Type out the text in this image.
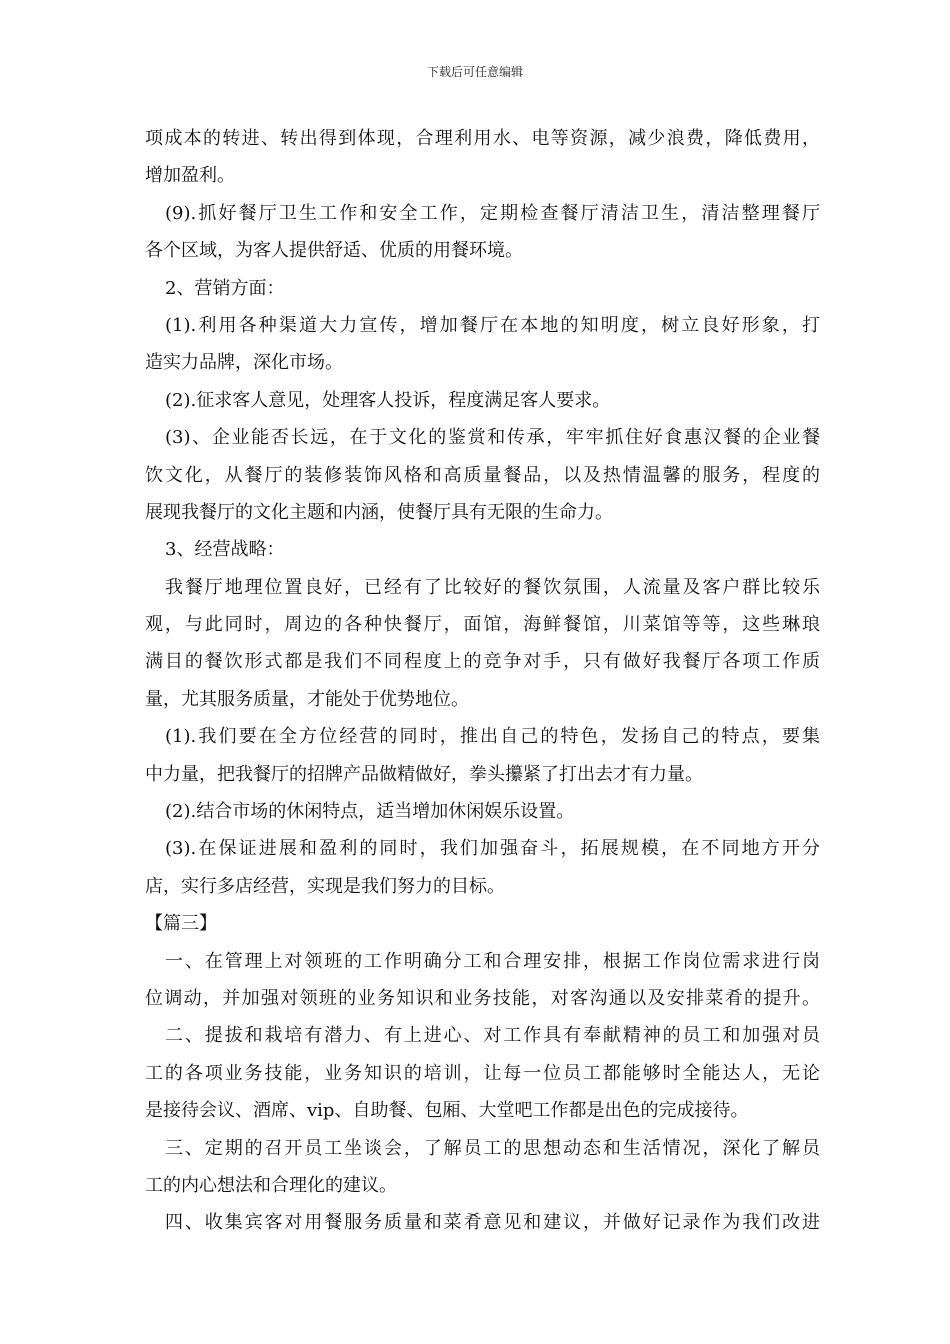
下载后可任意编辑
项成本的转进、转出得到体现，合理利用水、电等资源，减少浪费，降低费用，
增加盈利。
(9).抓好餐厅卫生工作和安全工作，定期检查餐厅清洁卫生，清洁整理餐厅
各个区域，为客人提供舒适、优质的用餐环境。
2、营销方面：
(1).利用各种渠道大力宣传，增加餐厅在本地的知明度，树立良好形象，打
造实力品牌，深化市场。
(2).征求客人意见，处理客人投诉，程度满足客人要求。
(3)、企业能否长远，在于文化的鉴赏和传承，牢牢抓住好食惠汉餐的企业餐
饮文化，从餐厅的装修装饰风格和高质量餐品，以及热情温馨的服务，程度的
展现我餐厅的文化主题和内涵，使餐厅具有无限的生命力。
3、经营战略：
我餐厅地理位置良好，已经有了比较好的餐饮氛围，人流量及客户群比较乐
观，与此同时，周边的各种快餐厅，面馆，海鲜餐馆，川菜馆等等，这些琳琅
满目的餐饮形式都是我们不同程度上的竞争对手，只有做好我餐厅各项工作质
量，尤其服务质量，才能处于优势地位。
(1).我们要在全方位经营的同时，推出自己的特色，发扬自己的特点，要集
中力量，把我餐厅的招牌产品做精做好，拳头攥紧了打出去才有力量。
(2).结合市场的休闲特点，适当增加休闲娱乐设置。
(3).在保证进展和盈利的同时，我们加强奋斗，拓展规模，在不同地方开分
店，实行多店经营，实现是我们努力的目标。
【篇三】
一、在管理上对领班的工作明确分工和合理安排，根据工作岗位需求进行岗
位调动，并加强对领班的业务知识和业务技能，对客沟通以及安排菜肴的提升。
二、提拔和栽培有潜力、有上进心、对工作具有奉献精神的员工和加强对员
工的各项业务技能，业务知识的培训，让每一位员工都能够时全能达人，无论
是接待会议、酒席、vip、自助餐、包厢、大堂吧工作都是出色的完成接待。
三、定期的召开员工坐谈会，了解员工的思想动态和生活情况，深化了解员
工的内心想法和合理化的建议。
四、收集宾客对用餐服务质量和菜肴意见和建议，并做好记录作为我们改进
